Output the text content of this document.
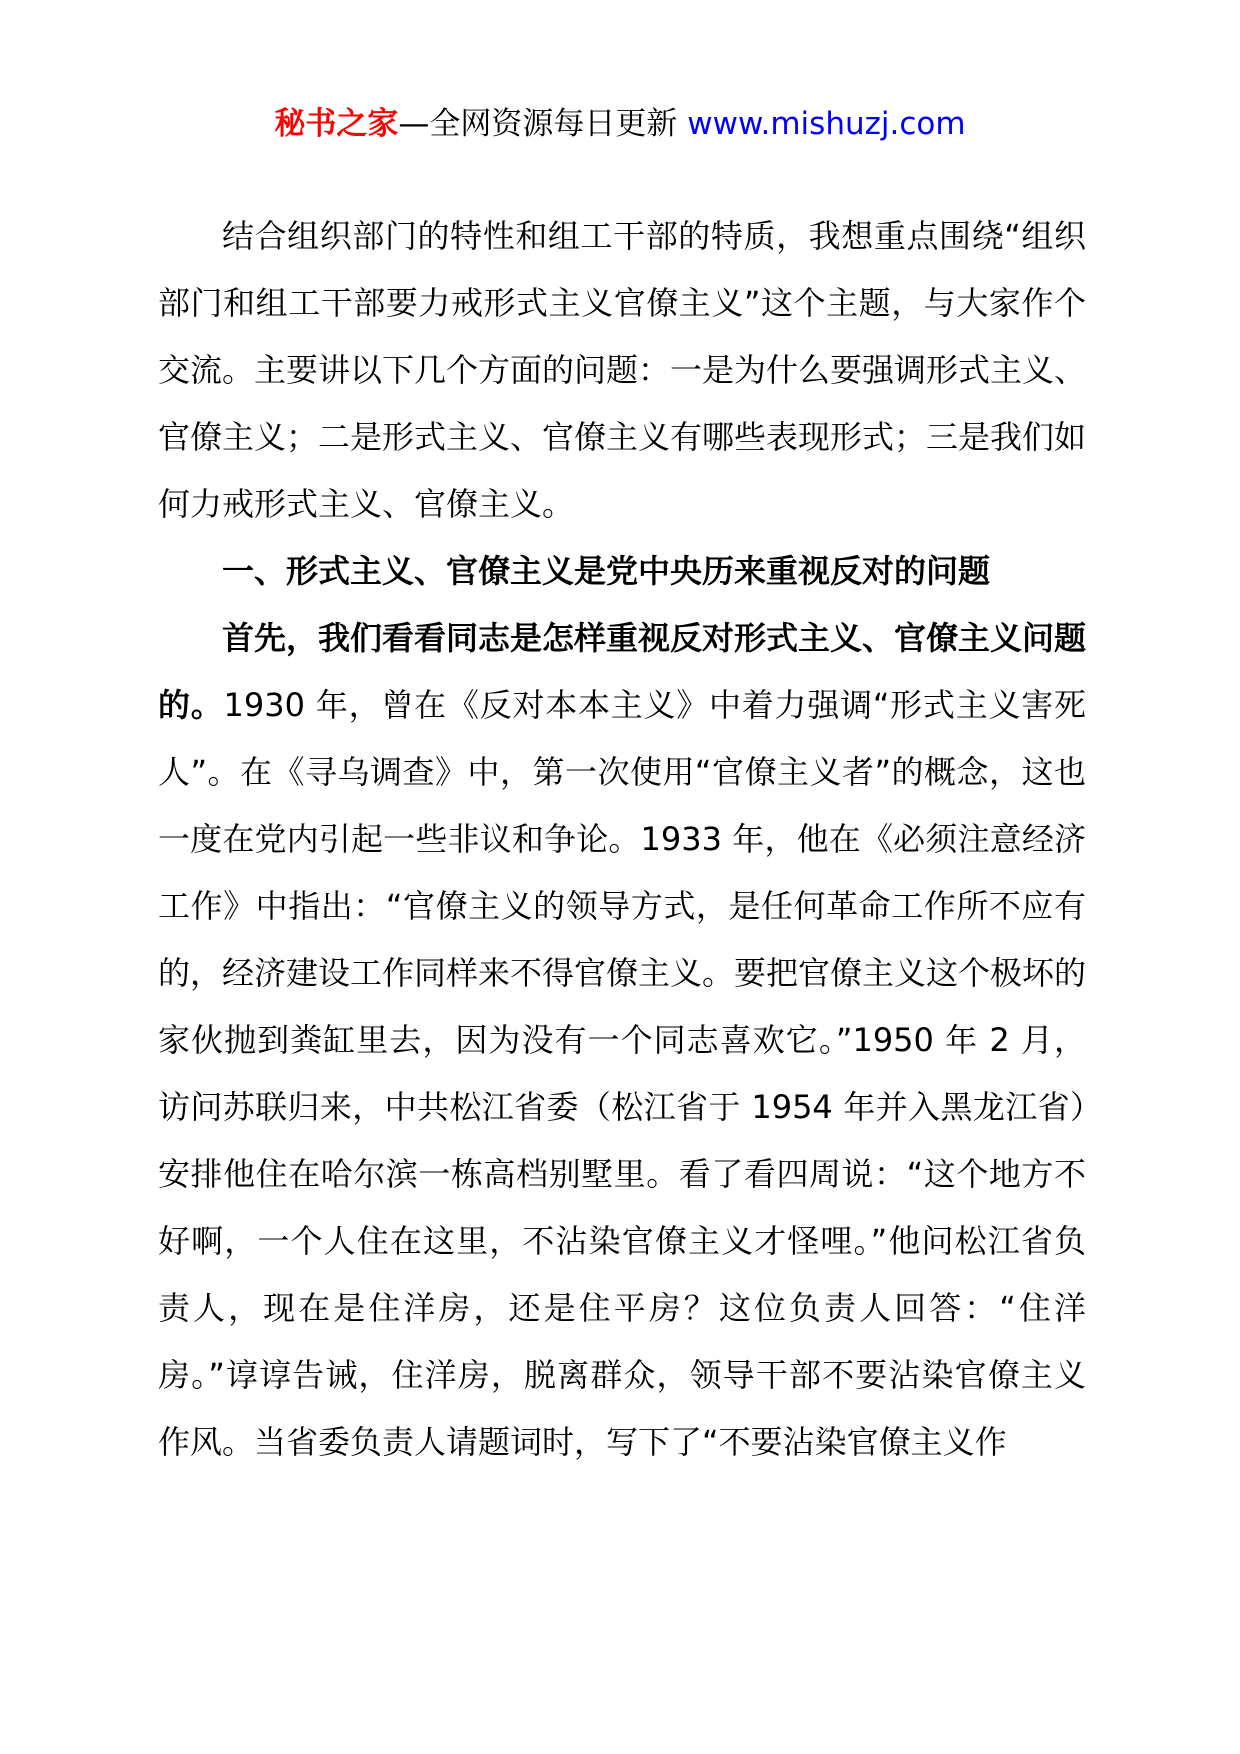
秘书之家—全网资源每日更新 www.mishuzj.com

结合组织部门的特性和组工干部的特质，我想重点围绕“组织部门和组工干部要力戒形式主义官僚主义”这个主题，与大家作个交流。主要讲以下几个方面的问题：一是为什么要强调形式主义、官僚主义；二是形式主义、官僚主义有哪些表现形式；三是我们如何力戒形式主义、官僚主义。

一、形式主义、官僚主义是党中央历来重视反对的问题

首先，我们看看同志是怎样重视反对形式主义、官僚主义问题的。1930 年，曾在《反对本本主义》中着力强调“形式主义害死人”。在《寻乌调查》中，第一次使用“官僚主义者”的概念，这也一度在党内引起一些非议和争论。1933 年，他在《必须注意经济工作》中指出：“官僚主义的领导方式，是任何革命工作所不应有的，经济建设工作同样来不得官僚主义。要把官僚主义这个极坏的家伙抛到粪缸里去，因为没有一个同志喜欢它。”1950 年 2 月，访问苏联归来，中共松江省委（松江省于 1954 年并入黑龙江省）安排他住在哈尔滨一栋高档别墅里。看了看四周说：“这个地方不好啊，一个人住在这里，不沾染官僚主义才怪哩。”他问松江省负责人，现在是住洋房，还是住平房？这位负责人回答：“住洋房。”谆谆告诫，住洋房，脱离群众，领导干部不要沾染官僚主义作风。当省委负责人请题词时，写下了“不要沾染官僚主义作
